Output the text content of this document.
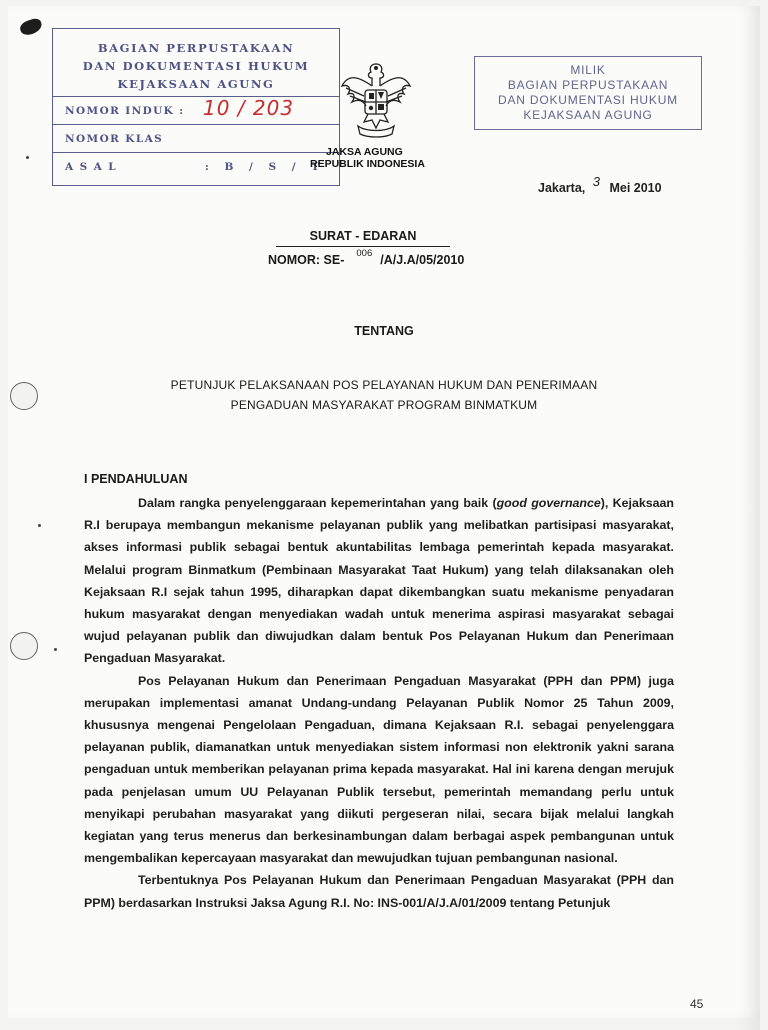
BAGIAN PERPUSTAKAAN
DAN DOKUMENTASI HUKUM
KEJAKSAAN AGUNG
NOMOR INDUK : 10 / 203
NOMOR KLAS
A S A L	: B / S / T
JAKSA AGUNG
REPUBLIK INDONESIA
MILIK
BAGIAN PERPUSTAKAAN
DAN DOKUMENTASI HUKUM
KEJAKSAAN AGUNG
Jakarta, 3 Mei 2010
SURAT - EDARAN
NOMOR: SE- 006 /A/J.A/05/2010
TENTANG
PETUNJUK PELAKSANAAN POS PELAYANAN HUKUM DAN PENERIMAAN
PENGADUAN MASYARAKAT PROGRAM BINMATKUM
I PENDAHULUAN

Dalam rangka penyelenggaraan kepemerintahan yang baik (good governance), Kejaksaan R.I berupaya membangun mekanisme pelayanan publik yang melibatkan partisipasi masyarakat, akses informasi publik sebagai bentuk akuntabilitas lembaga pemerintah kepada masyarakat. Melalui program Binmatkum (Pembinaan Masyarakat Taat Hukum) yang telah dilaksanakan oleh Kejaksaan R.I sejak tahun 1995, diharapkan dapat dikembangkan suatu mekanisme penyadaran hukum masyarakat dengan menyediakan wadah untuk menerima aspirasi masyarakat sebagai wujud pelayanan publik dan diwujudkan dalam bentuk Pos Pelayanan Hukum dan Penerimaan Pengaduan Masyarakat.

Pos Pelayanan Hukum dan Penerimaan Pengaduan Masyarakat (PPH dan PPM) juga merupakan implementasi amanat Undang-undang Pelayanan Publik Nomor 25 Tahun 2009, khususnya mengenai Pengelolaan Pengaduan, dimana Kejaksaan R.I. sebagai penyelenggara pelayanan publik, diamanatkan untuk menyediakan sistem informasi non elektronik yakni sarana pengaduan untuk memberikan pelayanan prima kepada masyarakat. Hal ini karena dengan merujuk pada penjelasan umum UU Pelayanan Publik tersebut, pemerintah memandang perlu untuk menyikapi perubahan masyarakat yang diikuti pergeseran nilai, secara bijak melalui langkah kegiatan yang terus menerus dan berkesinambungan dalam berbagai aspek pembangunan untuk mengembalikan kepercayaan masyarakat dan mewujudkan tujuan pembangunan nasional.

Terbentuknya Pos Pelayanan Hukum dan Penerimaan Pengaduan Masyarakat (PPH dan PPM) berdasarkan Instruksi Jaksa Agung R.I. No: INS-001/A/J.A/01/2009 tentang Petunjuk

45
